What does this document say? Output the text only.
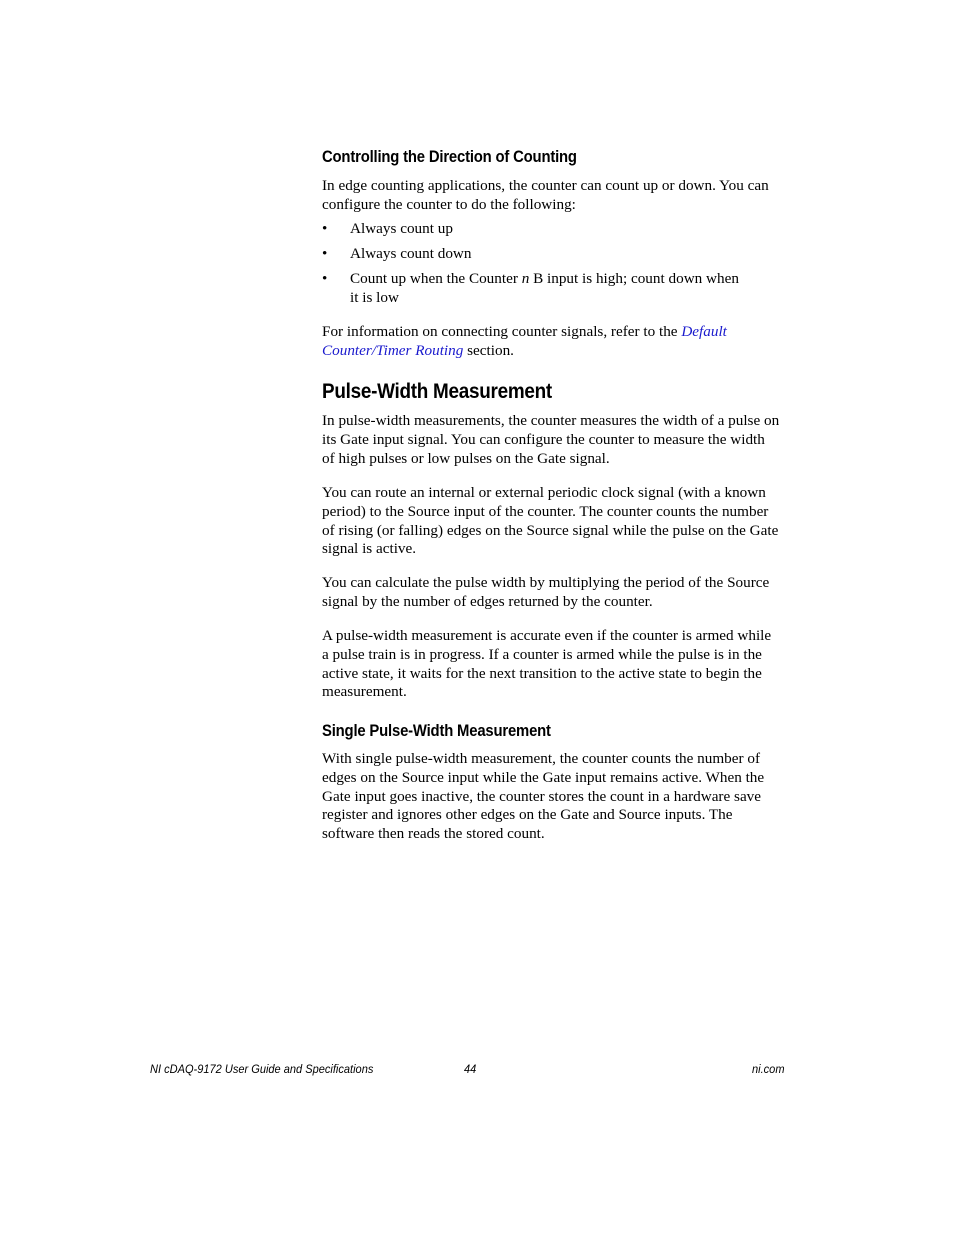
Controlling the Direction of Counting

In edge counting applications, the counter can count up or down. You can
configure the counter to do the following:

• Always count up
• Always count down
• Count up when the Counter n B input is high; count down when
it is low

For information on connecting counter signals, refer to the Default
Counter/Timer Routing section.

Pulse-Width Measurement

In pulse-width measurements, the counter measures the width of a pulse on
its Gate input signal. You can configure the counter to measure the width
of high pulses or low pulses on the Gate signal.

You can route an internal or external periodic clock signal (with a known
period) to the Source input of the counter. The counter counts the number
of rising (or falling) edges on the Source signal while the pulse on the Gate
signal is active.

You can calculate the pulse width by multiplying the period of the Source
signal by the number of edges returned by the counter.

A pulse-width measurement is accurate even if the counter is armed while
a pulse train is in progress. If a counter is armed while the pulse is in the
active state, it waits for the next transition to the active state to begin the
measurement.

Single Pulse-Width Measurement

With single pulse-width measurement, the counter counts the number of
edges on the Source input while the Gate input remains active. When the
Gate input goes inactive, the counter stores the count in a hardware save
register and ignores other edges on the Gate and Source inputs. The
software then reads the stored count.

NI cDAQ-9172 User Guide and Specifications	44	ni.com
